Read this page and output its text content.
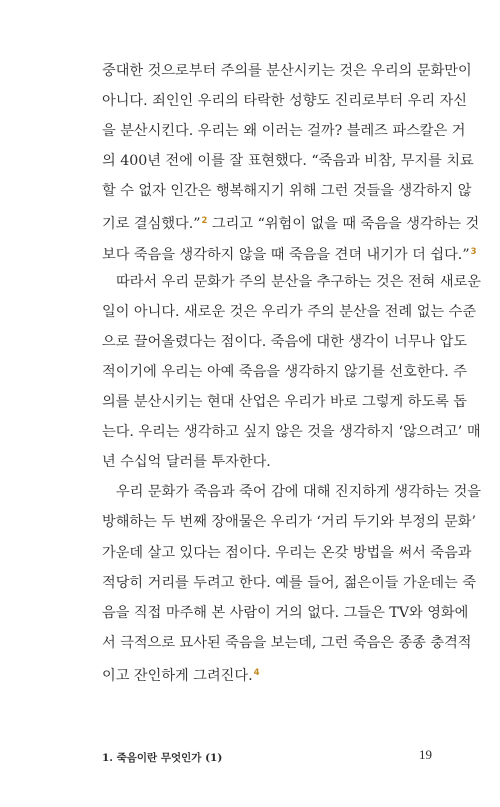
중대한 것으로부터 주의를 분산시키는 것은 우리의 문화만이
아니다. 죄인인 우리의 타락한 성향도 진리로부터 우리 자신
을 분산시킨다. 우리는 왜 이러는 걸까? 블레즈 파스칼은 거
의 400년 전에 이를 잘 표현했다. “죽음과 비참, 무지를 치료
할 수 없자 인간은 행복해지기 위해 그런 것들을 생각하지 않
기로 결심했다.”$^2$ 그리고 “위험이 없을 때 죽음을 생각하는 것
보다 죽음을 생각하지 않을 때 죽음을 견뎌 내기가 더 쉽다.”$^3$
따라서 우리 문화가 주의 분산을 추구하는 것은 전혀 새로운
일이 아니다. 새로운 것은 우리가 주의 분산을 전례 없는 수준
으로 끌어올렸다는 점이다. 죽음에 대한 생각이 너무나 압도
적이기에 우리는 아예 죽음을 생각하지 않기를 선호한다. 주
의를 분산시키는 현대 산업은 우리가 바로 그렇게 하도록 돕
는다. 우리는 생각하고 싶지 않은 것을 생각하지 ‘않으려고’ 매
년 수십억 달러를 투자한다.
우리 문화가 죽음과 죽어 감에 대해 진지하게 생각하는 것을
방해하는 두 번째 장애물은 우리가 ‘거리 두기와 부정의 문화’
가운데 살고 있다는 점이다. 우리는 온갖 방법을 써서 죽음과
적당히 거리를 두려고 한다. 예를 들어, 젊은이들 가운데는 죽
음을 직접 마주해 본 사람이 거의 없다. 그들은 TV와 영화에
서 극적으로 묘사된 죽음을 보는데, 그런 죽음은 종종 충격적
이고 잔인하게 그려진다.$^4$
1. 죽음이란 무엇인가 (1)	19
